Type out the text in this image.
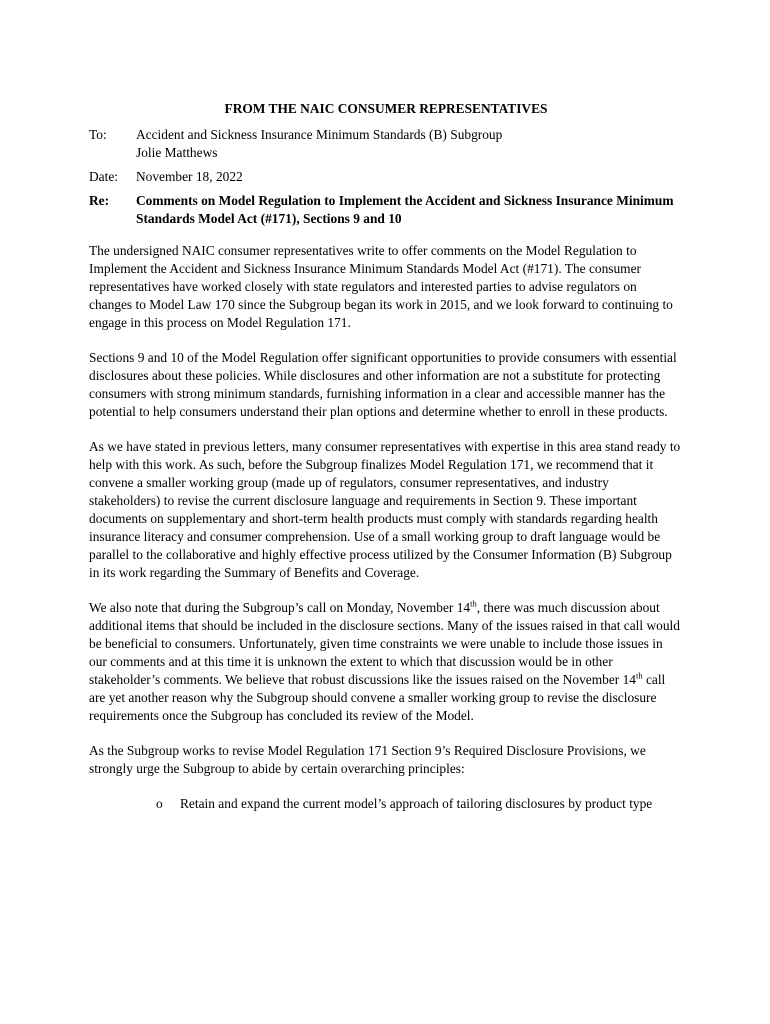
FROM THE NAIC CONSUMER REPRESENTATIVES
To:	Accident and Sickness Insurance Minimum Standards (B) Subgroup
Jolie Matthews
Date:	November 18, 2022
Re:	Comments on Model Regulation to Implement the Accident and Sickness Insurance Minimum Standards Model Act (#171), Sections 9 and 10

The undersigned NAIC consumer representatives write to offer comments on the Model Regulation to Implement the Accident and Sickness Insurance Minimum Standards Model Act (#171). The consumer representatives have worked closely with state regulators and interested parties to advise regulators on changes to Model Law 170 since the Subgroup began its work in 2015, and we look forward to continuing to engage in this process on Model Regulation 171.

Sections 9 and 10 of the Model Regulation offer significant opportunities to provide consumers with essential disclosures about these policies. While disclosures and other information are not a substitute for protecting consumers with strong minimum standards, furnishing information in a clear and accessible manner has the potential to help consumers understand their plan options and determine whether to enroll in these products.

As we have stated in previous letters, many consumer representatives with expertise in this area stand ready to help with this work. As such, before the Subgroup finalizes Model Regulation 171, we recommend that it convene a smaller working group (made up of regulators, consumer representatives, and industry stakeholders) to revise the current disclosure language and requirements in Section 9. These important documents on supplementary and short-term health products must comply with standards regarding health insurance literacy and consumer comprehension. Use of a small working group to draft language would be parallel to the collaborative and highly effective process utilized by the Consumer Information (B) Subgroup in its work regarding the Summary of Benefits and Coverage.

We also note that during the Subgroup’s call on Monday, November 14th, there was much discussion about additional items that should be included in the disclosure sections. Many of the issues raised in that call would be beneficial to consumers. Unfortunately, given time constraints we were unable to include those issues in our comments and at this time it is unknown the extent to which that discussion would be in other stakeholder’s comments. We believe that robust discussions like the issues raised on the November 14th call are yet another reason why the Subgroup should convene a smaller working group to revise the disclosure requirements once the Subgroup has concluded its review of the Model.

As the Subgroup works to revise Model Regulation 171 Section 9’s Required Disclosure Provisions, we strongly urge the Subgroup to abide by certain overarching principles:

o	Retain and expand the current model’s approach of tailoring disclosures by product type
